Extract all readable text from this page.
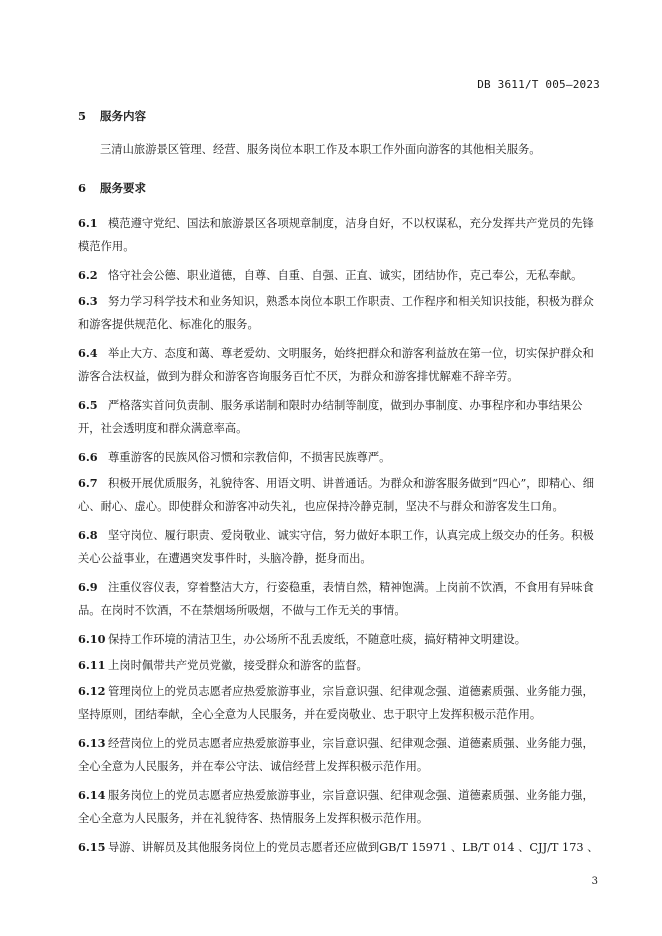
DB 3611/T 005—2023
5 服务内容

三清山旅游景区管理、经营、服务岗位本职工作及本职工作外面向游客的其他相关服务。

6 服务要求

6.1 模范遵守党纪、国法和旅游景区各项规章制度，洁身自好，不以权谋私，充分发挥共产党员的先锋模范作用。

6.2 恪守社会公德、职业道德，自尊、自重、自强、正直、诚实，团结协作，克己奉公，无私奉献。

6.3 努力学习科学技术和业务知识，熟悉本岗位本职工作职责、工作程序和相关知识技能，积极为群众和游客提供规范化、标准化的服务。

6.4 举止大方、态度和蔼、尊老爱幼、文明服务，始终把群众和游客利益放在第一位，切实保护群众和游客合法权益，做到为群众和游客咨询服务百忙不厌，为群众和游客排忧解难不辞辛劳。

6.5 严格落实首问负责制、服务承诺制和限时办结制等制度，做到办事制度、办事程序和办事结果公开，社会透明度和群众满意率高。

6.6 尊重游客的民族风俗习惯和宗教信仰，不损害民族尊严。

6.7 积极开展优质服务，礼貌待客、用语文明、讲普通话。为群众和游客服务做到“四心”，即精心、细心、耐心、虚心。即使群众和游客冲动失礼，也应保持冷静克制，坚决不与群众和游客发生口角。

6.8 坚守岗位、履行职责、爱岗敬业、诚实守信，努力做好本职工作，认真完成上级交办的任务。积极关心公益事业，在遭遇突发事件时，头脑冷静，挺身而出。

6.9 注重仪容仪表，穿着整洁大方，行姿稳重，表情自然，精神饱满。上岗前不饮酒，不食用有异味食品。在岗时不饮酒，不在禁烟场所吸烟，不做与工作无关的事情。

6.10 保持工作环境的清洁卫生，办公场所不乱丢废纸，不随意吐痰，搞好精神文明建设。

6.11 上岗时佩带共产党员党徽，接受群众和游客的监督。

6.12 管理岗位上的党员志愿者应热爱旅游事业，宗旨意识强、纪律观念强、道德素质强、业务能力强，坚持原则，团结奉献，全心全意为人民服务，并在爱岗敬业、忠于职守上发挥积极示范作用。

6.13 经营岗位上的党员志愿者应热爱旅游事业，宗旨意识强、纪律观念强、道德素质强、业务能力强，全心全意为人民服务，并在奉公守法、诚信经营上发挥积极示范作用。

6.14 服务岗位上的党员志愿者应热爱旅游事业，宗旨意识强、纪律观念强、道德素质强、业务能力强，全心全意为人民服务，并在礼貌待客、热情服务上发挥积极示范作用。

6.15 导游、讲解员及其他服务岗位上的党员志愿者还应做到GB/T 15971 、LB/T 014 、CJJ/T 173 、

3
